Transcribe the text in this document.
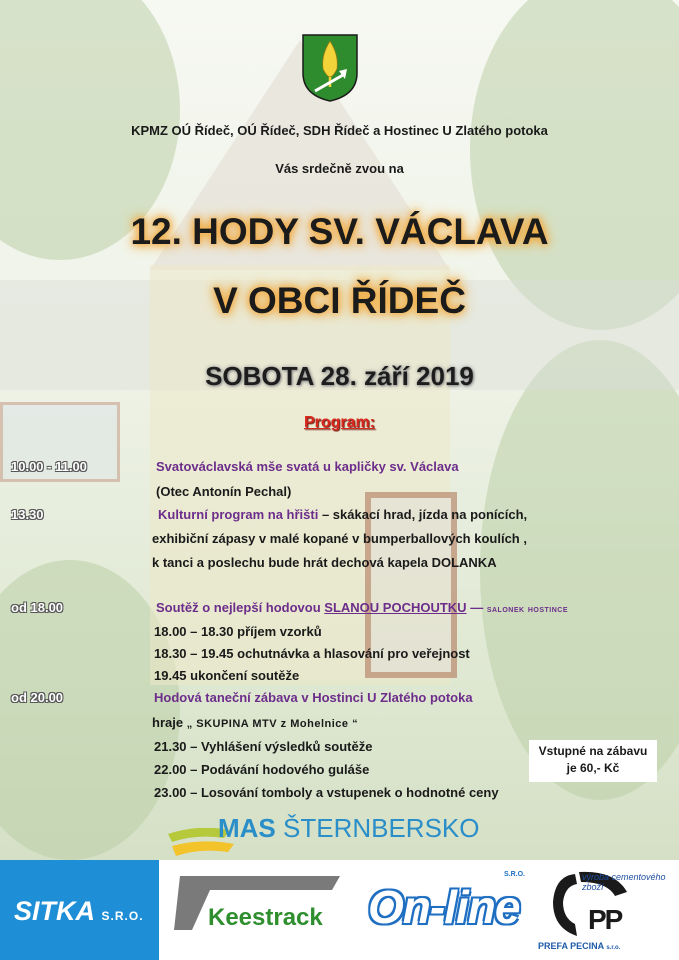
KPMZ OÚ Řídeč, OÚ Řídeč, SDH Řídeč a Hostinec U Zlatého potoka
Vás srdečně zvou na
12. HODY SV. VÁCLAVA
V OBCI ŘÍDEČ
SOBOTA 28. září 2019
Program:
10.00 - 11.00	Svatováclavská mše svatá u kapličky sv. Václava
(Otec Antonín Pechal)
13.30	Kulturní program na hřišti – skákací hrad, jízda na ponících,
exhibiční zápasy v malé kopané v bumperballových koulích ,
k tanci a poslechu bude hrát dechová kapela DOLANKA
od 18.00	Soutěž o nejlepší hodovou SLANOU POCHOUTKU — salonek hostince
18.00 – 18.30 příjem vzorků
18.30 – 19.45 ochutnávka a hlasování pro veřejnost
19.45 ukončení soutěže
od 20.00	Hodová taneční zábava v Hostinci U Zlatého potoka
hraje „ SKUPINA MTV z Mohelnice “
21.30 – Vyhlášení výsledků soutěže
22.00 – Podávání hodového guláše
23.00 – Losování tomboly a vstupenek o hodnotné ceny
Vstupné na zábavu
je 60,- Kč
MAS ŠTERNBERSKO
SITKA S.R.O.	Keestrack
S.R.O.
On-line
výroba cementového zboží
PP
PREFA PECINA s.r.o.
